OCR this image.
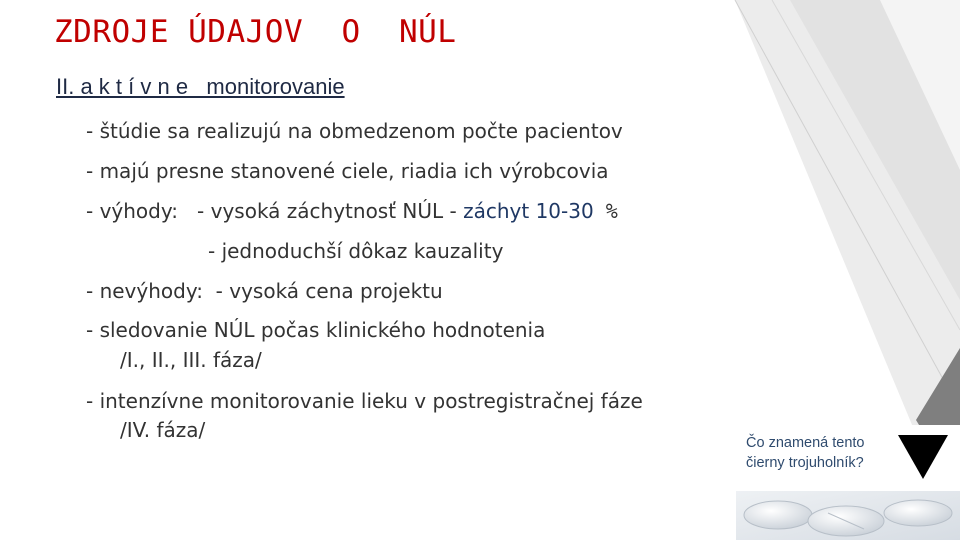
ZDROJE ÚDAJOV  O  NÚL
II. a k t í v n e   monitorovanie
- štúdie sa realizujú na obmedzenom počte pacientov
- majú presne stanovené ciele, riadia ich výrobcovia
- výhody:   - vysoká záchytnosť NÚL - záchyt 10-30 %
- jednoduchší dôkaz kauzality
- nevýhody:  - vysoká cena projektu
- sledovanie NÚL počas klinického hodnotenia
/I., II., III. fáza/
- intenzívne monitorovanie lieku v postregistračnej fáze
/IV. fáza/
Čo znamená tento
čierny trojuholník?
